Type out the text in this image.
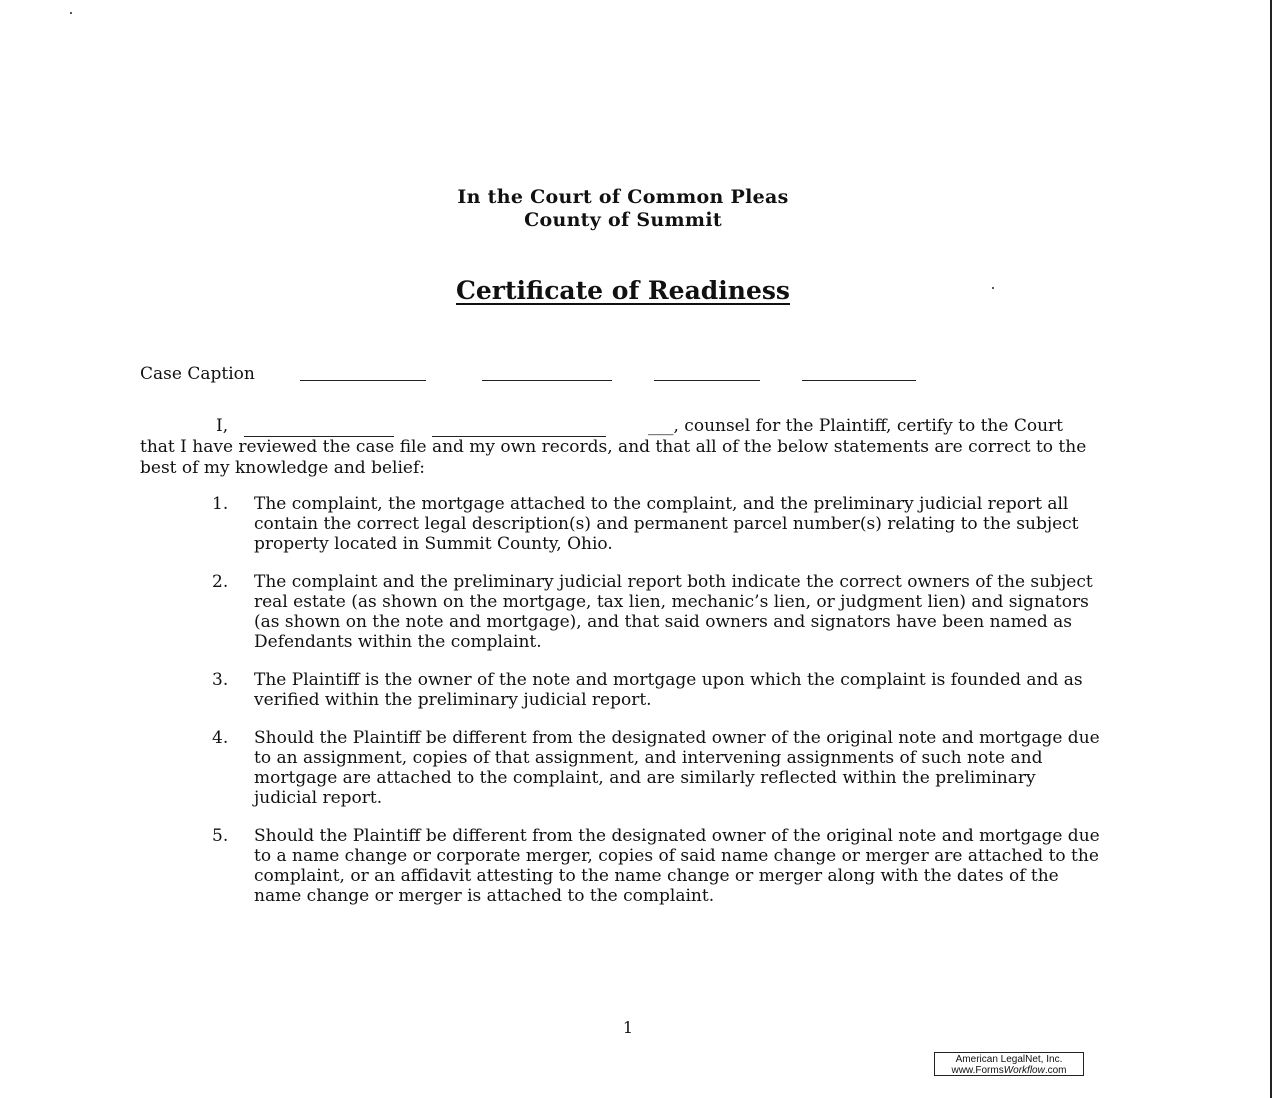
In the Court of Common Pleas
County of Summit
Certificate of Readiness
Case Caption
I,	___, counsel for the Plaintiff, certify to the Court
that I have reviewed the case file and my own records, and that all of the below statements are correct to the best of my knowledge and belief:
1.	The complaint, the mortgage attached to the complaint, and the preliminary judicial report all contain the correct legal description(s) and permanent parcel number(s) relating to the subject property located in Summit County, Ohio.
2.	The complaint and the preliminary judicial report both indicate the correct owners of the subject real estate (as shown on the mortgage, tax lien, mechanic’s lien, or judgment lien) and signators (as shown on the note and mortgage), and that said owners and signators have been named as Defendants within the complaint.
3.	The Plaintiff is the owner of the note and mortgage upon which the complaint is founded and as verified within the preliminary judicial report.
4.	Should the Plaintiff be different from the designated owner of the original note and mortgage due to an assignment, copies of that assignment, and intervening assignments of such note and mortgage are attached to the complaint, and are similarly reflected within the preliminary judicial report.
5.	Should the Plaintiff be different from the designated owner of the original note and mortgage due to a name change or corporate merger, copies of said name change or merger are attached to the complaint, or an affidavit attesting to the name change or merger along with the dates of the name change or merger is attached to the complaint.
1
American LegalNet, Inc.
www.FormsWorkflow.com
